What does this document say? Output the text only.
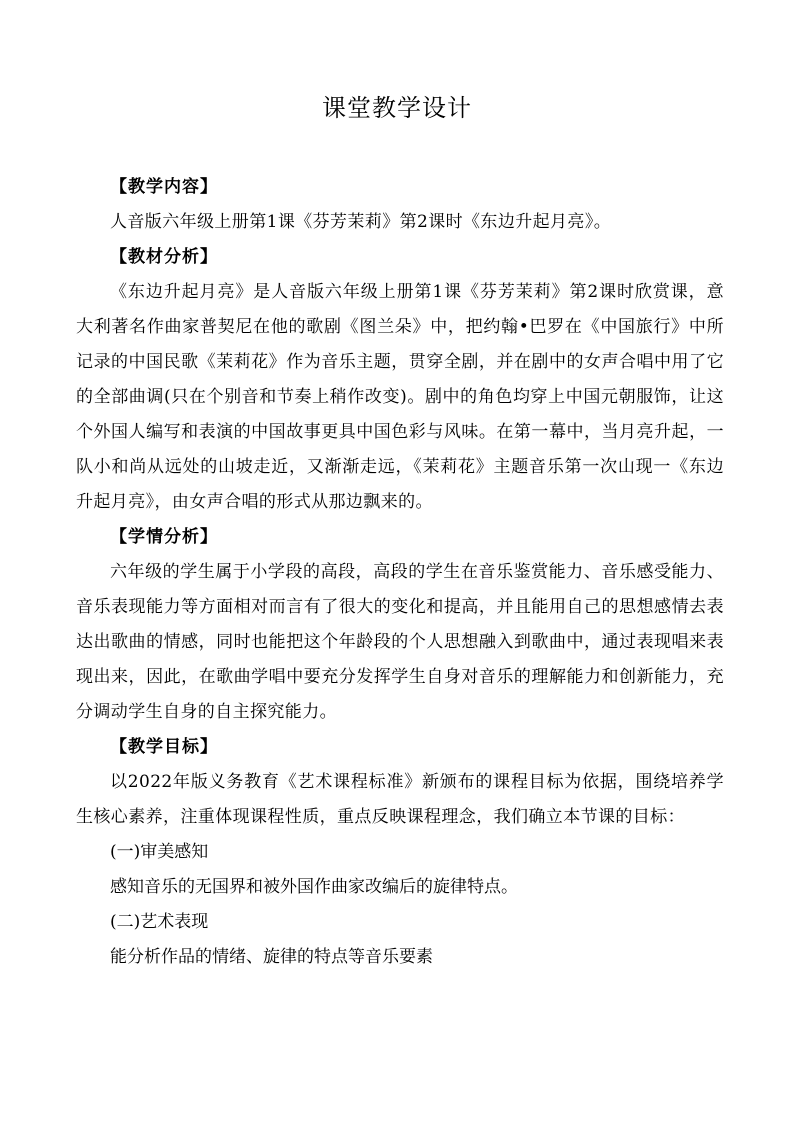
课堂教学设计
【教学内容】
人音版六年级上册第1课《芬芳茉莉》第2课时《东边升起月亮》。
【教材分析】
《东边升起月亮》是人音版六年级上册第1课《芬芳茉莉》第2课时欣赏课，意大利著名作曲家普契尼在他的歌剧《图兰朵》中，把约翰•巴罗在《中国旅行》中所记录的中国民歌《茉莉花》作为音乐主题，贯穿全剧，并在剧中的女声合唱中用了它的全部曲调(只在个别音和节奏上稍作改变)。剧中的角色均穿上中国元朝服饰，让这个外国人编写和表演的中国故事更具中国色彩与风味。在第一幕中，当月亮升起，一队小和尚从远处的山坡走近，又渐渐走远，《茉莉花》主题音乐第一次山现一《东边升起月亮》，由女声合唱的形式从那边飘来的。
【学情分析】
六年级的学生属于小学段的高段，高段的学生在音乐鉴赏能力、音乐感受能力、音乐表现能力等方面相对而言有了很大的变化和提高，并且能用自己的思想感情去表达出歌曲的情感，同时也能把这个年龄段的个人思想融入到歌曲中，通过表现唱来表现出来，因此，在歌曲学唱中要充分发挥学生自身对音乐的理解能力和创新能力，充分调动学生自身的自主探究能力。
【教学目标】
以2022年版义务教育《艺术课程标准》新颁布的课程目标为依据，围绕培养学生核心素养，注重体现课程性质，重点反映课程理念，我们确立本节课的目标：
(一)审美感知
感知音乐的无国界和被外国作曲家改编后的旋律特点。
(二)艺术表现
能分析作品的情绪、旋律的特点等音乐要素
